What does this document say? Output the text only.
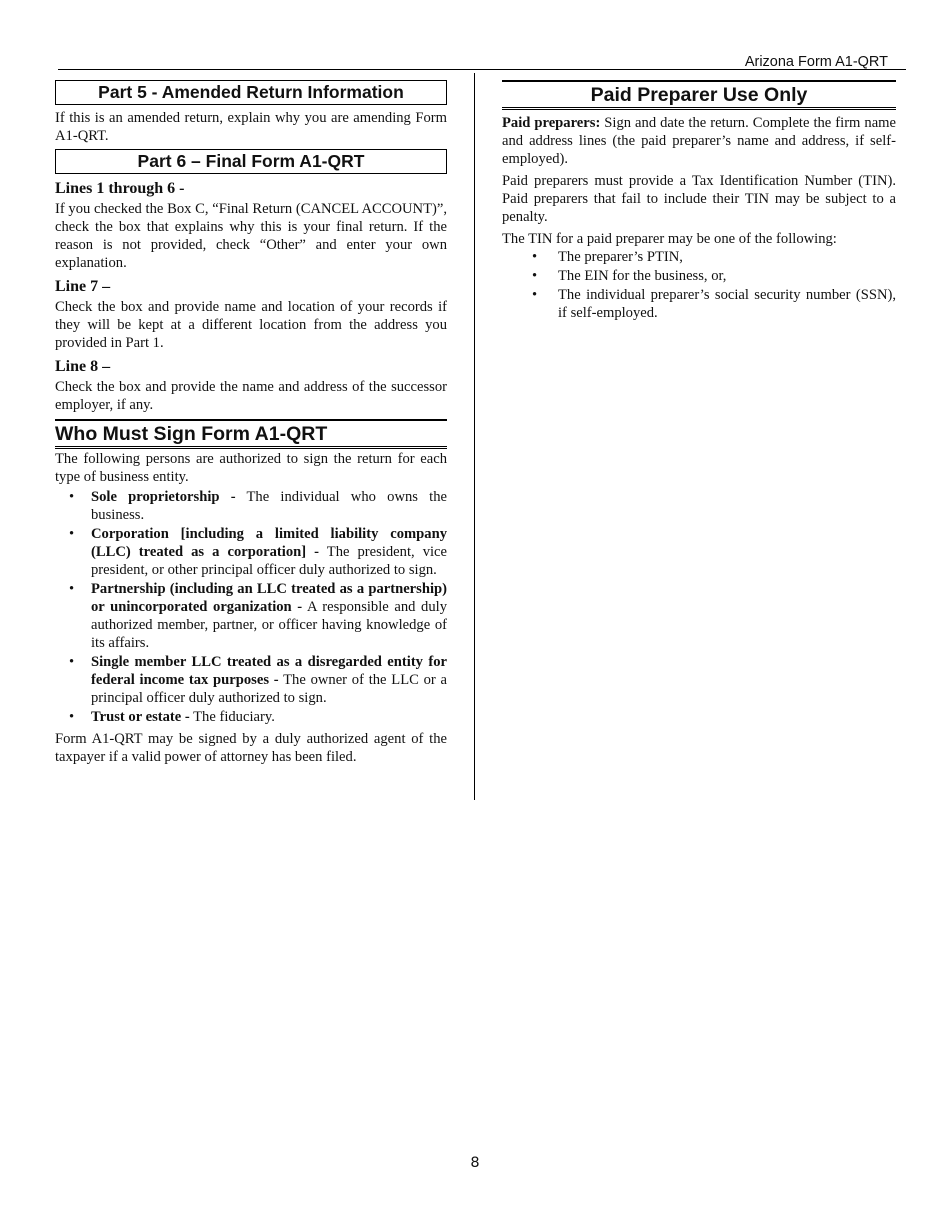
Arizona Form A1-QRT
Part 5 - Amended Return Information

If this is an amended return, explain why you are amending Form A1-QRT.

Part 6 – Final Form A1-QRT
Lines 1 through 6 -

If you checked the Box C, “Final Return (CANCEL ACCOUNT)”, check the box that explains why this is your final return. If the reason is not provided, check “Other” and enter your own explanation.

Line 7 –

Check the box and provide name and location of your records if they will be kept at a different location from the address you provided in Part 1.

Line 8 –

Check the box and provide the name and address of the successor employer, if any.

Who Must Sign Form A1-QRT

The following persons are authorized to sign the return for each type of business entity.

• Sole proprietorship - The individual who owns the business.
• Corporation [including a limited liability company (LLC) treated as a corporation] - The president, vice president, or other principal officer duly authorized to sign.
• Partnership (including an LLC treated as a partnership) or unincorporated organization - A responsible and duly authorized member, partner, or officer having knowledge of its affairs.
• Single member LLC treated as a disregarded entity for federal income tax purposes - The owner of the LLC or a principal officer duly authorized to sign.
• Trust or estate - The fiduciary.

Form A1-QRT may be signed by a duly authorized agent of the taxpayer if a valid power of attorney has been filed.

Paid Preparer Use Only

Paid preparers: Sign and date the return. Complete the firm name and address lines (the paid preparer’s name and address, if self-employed).

Paid preparers must provide a Tax Identification Number (TIN). Paid preparers that fail to include their TIN may be subject to a penalty.

The TIN for a paid preparer may be one of the following:

• The preparer’s PTIN,
• The EIN for the business, or,
• The individual preparer’s social security number (SSN), if self-employed.
8
